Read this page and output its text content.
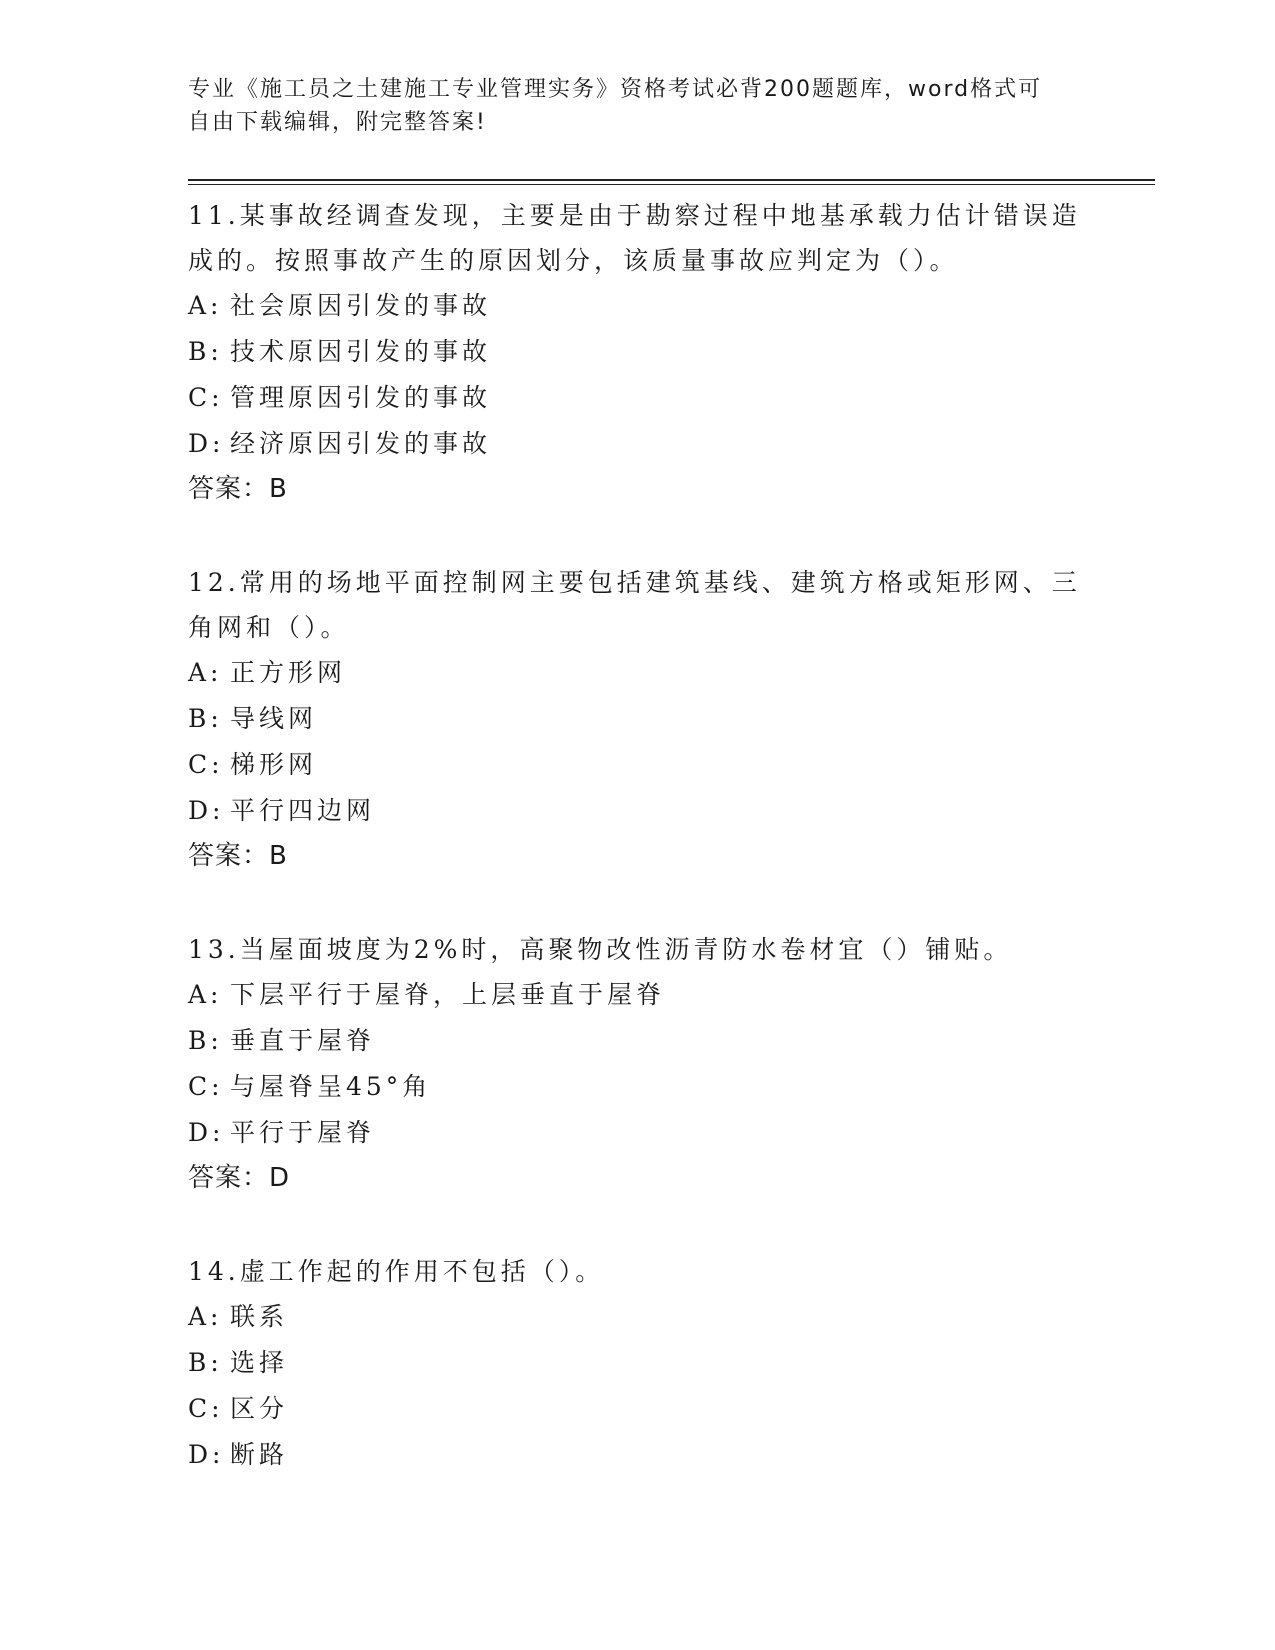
专业《施工员之土建施工专业管理实务》资格考试必背200题题库，word格式可
自由下载编辑，附完整答案!

11.某事故经调查发现，主要是由于勘察过程中地基承载力估计错误造成的。按照事故产生的原因划分，该质量事故应判定为（）。

A: 社会原因引发的事故
B: 技术原因引发的事故
C: 管理原因引发的事故
D: 经济原因引发的事故
答案：B

12.常用的场地平面控制网主要包括建筑基线、建筑方格或矩形网、三角网和（）。

A: 正方形网
B: 导线网
C: 梯形网
D: 平行四边网
答案：B

13.当屋面坡度为2%时，高聚物改性沥青防水卷材宜（）铺贴。

A: 下层平行于屋脊，上层垂直于屋脊
B: 垂直于屋脊
C: 与屋脊呈45°角
D: 平行于屋脊
答案：D

14.虚工作起的作用不包括（）。

A: 联系
B: 选择
C: 区分
D: 断路
